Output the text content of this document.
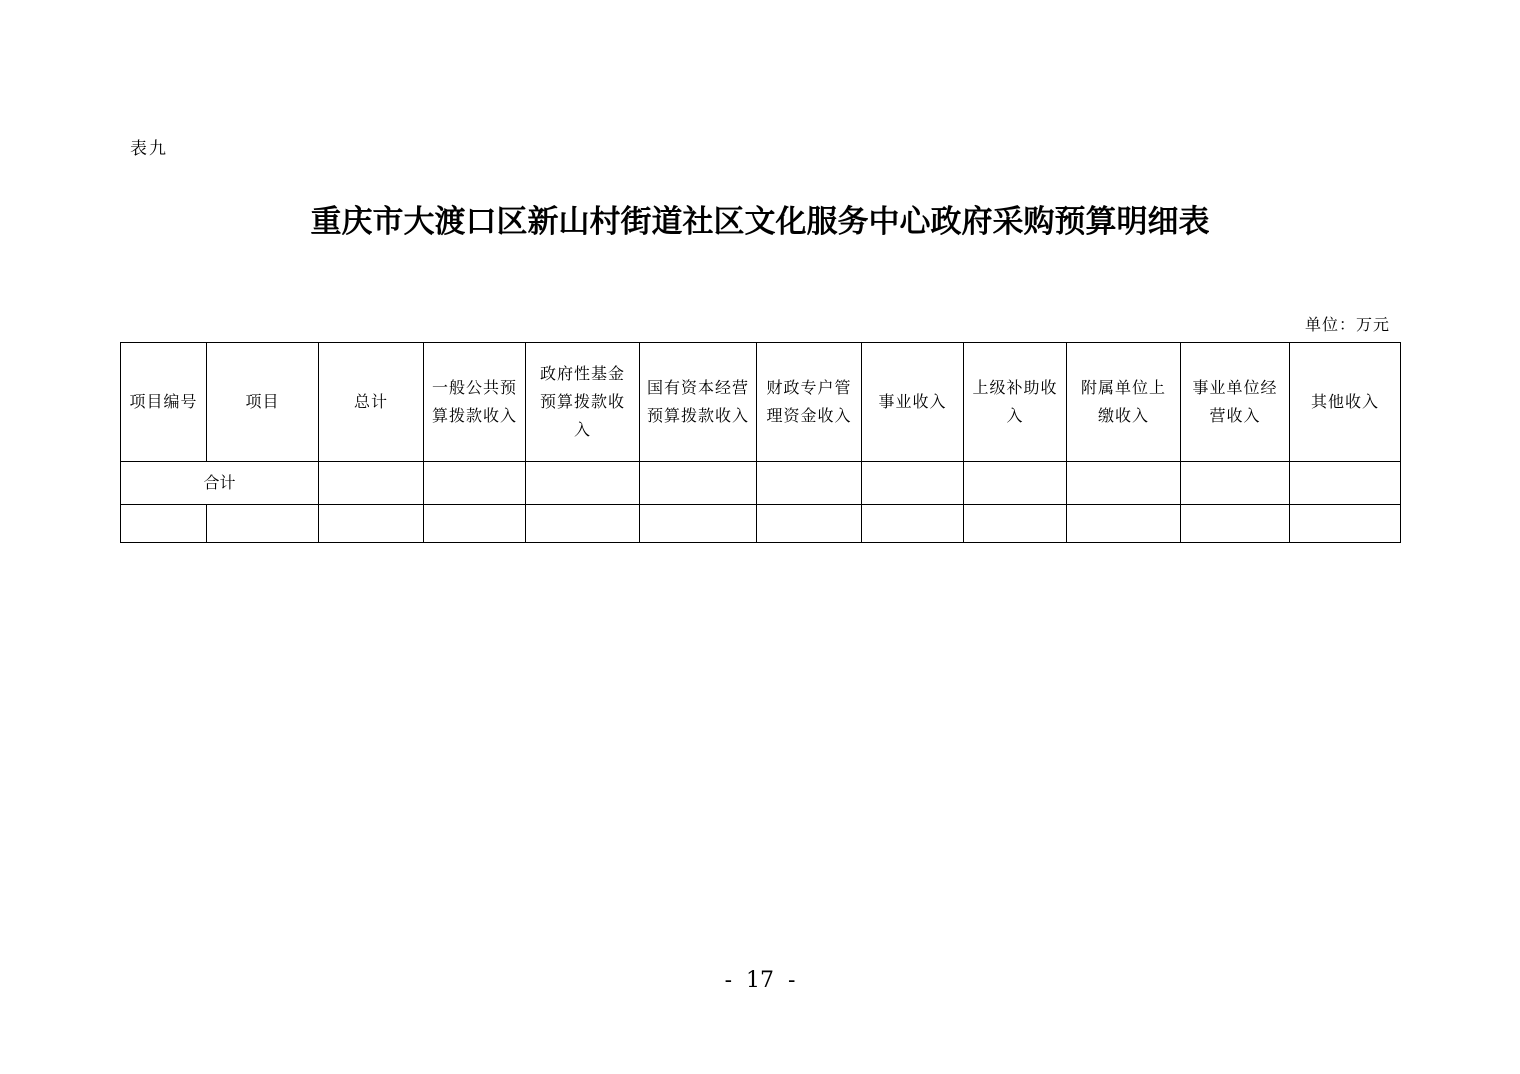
表九
重庆市大渡口区新山村街道社区文化服务中心政府采购预算明细表
单位：万元
项目编号	项目	总计	一般公共预算拨款收入	政府性基金预算拨款收入	国有资本经营预算拨款收入	财政专户管理资金收入	事业收入	上级补助收入	附属单位上缴收入	事业单位经营收入	其他收入
合计											

-  17  -
